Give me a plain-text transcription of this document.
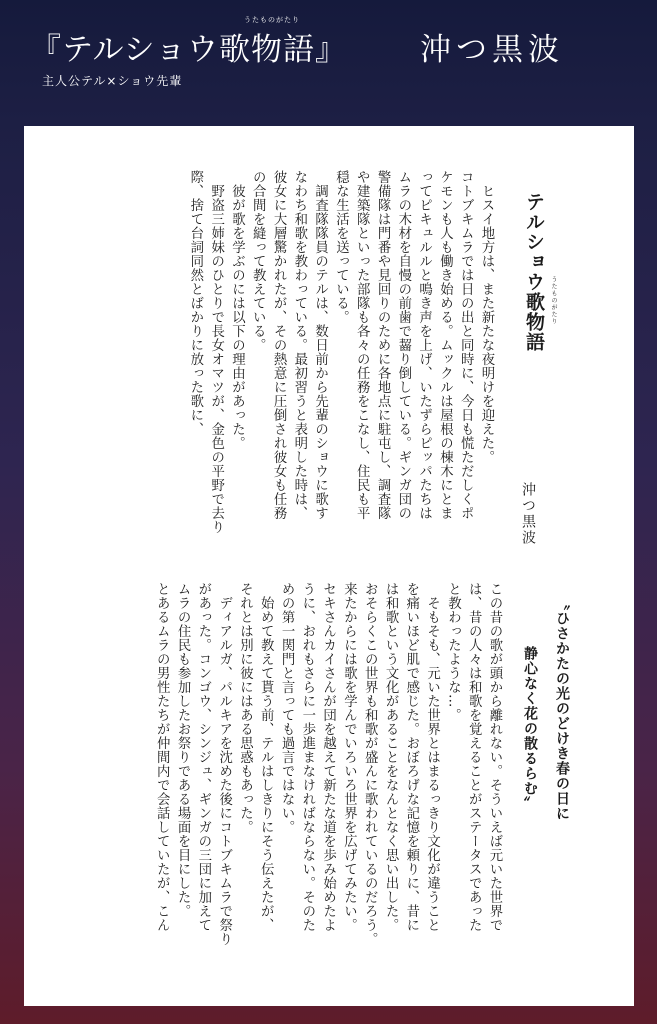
『テルショウ歌物語』
うたものがたり
沖つ黒波
主人公テル×ショウ先輩
テルショウ歌物語 うたものがたり
沖つ黒波
　ヒスイ地方は、また新たな夜明けを迎えた。
コトブキムラでは日の出と同時に、今日も慌ただしくポ
ケモンも人も働き始める。ムックルは屋根の棟木にとま
ってピキュルルと鳴き声を上げ、いたずらピッパたちは
ムラの木材を自慢の前歯で齧り倒している。ギンガ団の
警備隊は門番や見回りのために各地点に駐屯し、調査隊
や建築隊といった部隊も各々の任務をこなし、住民も平
穏な生活を送っている。
　調査隊隊員のテルは、数日前から先輩のショウに歌す
なわち和歌を教わっている。最初習うと表明した時は、
彼女に大層驚かれたが、その熱意に圧倒され彼女も任務
の合間を縫って教えている。
　彼が歌を学ぶのには以下の理由があった。
　野盗三姉妹のひとりで長女オマツが、金色の平野で去り
際、捨て台詞同然とばかりに放った歌に、
〝ひさかたの光のどけき春の日に
静心なく花の散るらむ〟
この昔の歌が頭から離れない。そういえば元いた世界で
は、昔の人々は和歌を覚えることがステータスであった
と教わったような…。
　そもそも、元いた世界とはまるっきり文化が違うこと
を痛いほど肌で感じた。おぼろげな記憶を頼りに、昔に
は和歌という文化があることをなんとなく思い出した。
おそらくこの世界も和歌が盛んに歌われているのだろう。
来たからには歌を学んでいろいろ世界を広げてみたい。
セキさんカイさんが団を越えて新たな道を歩み始めたよ
うに、おれもさらに一歩進まなければならない。そのた
めの第一関門と言っても過言ではない。
　始めて教えて貰う前、テルはしきりにそう伝えたが、
それとは別に彼にはある思惑もあった。
　ディアルガ、パルキアを沈めた後にコトブキムラで祭り
があった。コンゴウ、シンジュ、ギンガの三団に加えて
ムラの住民も参加したお祭りである場面を目にした。
とあるムラの男性たちが仲間内で会話していたが、こん
